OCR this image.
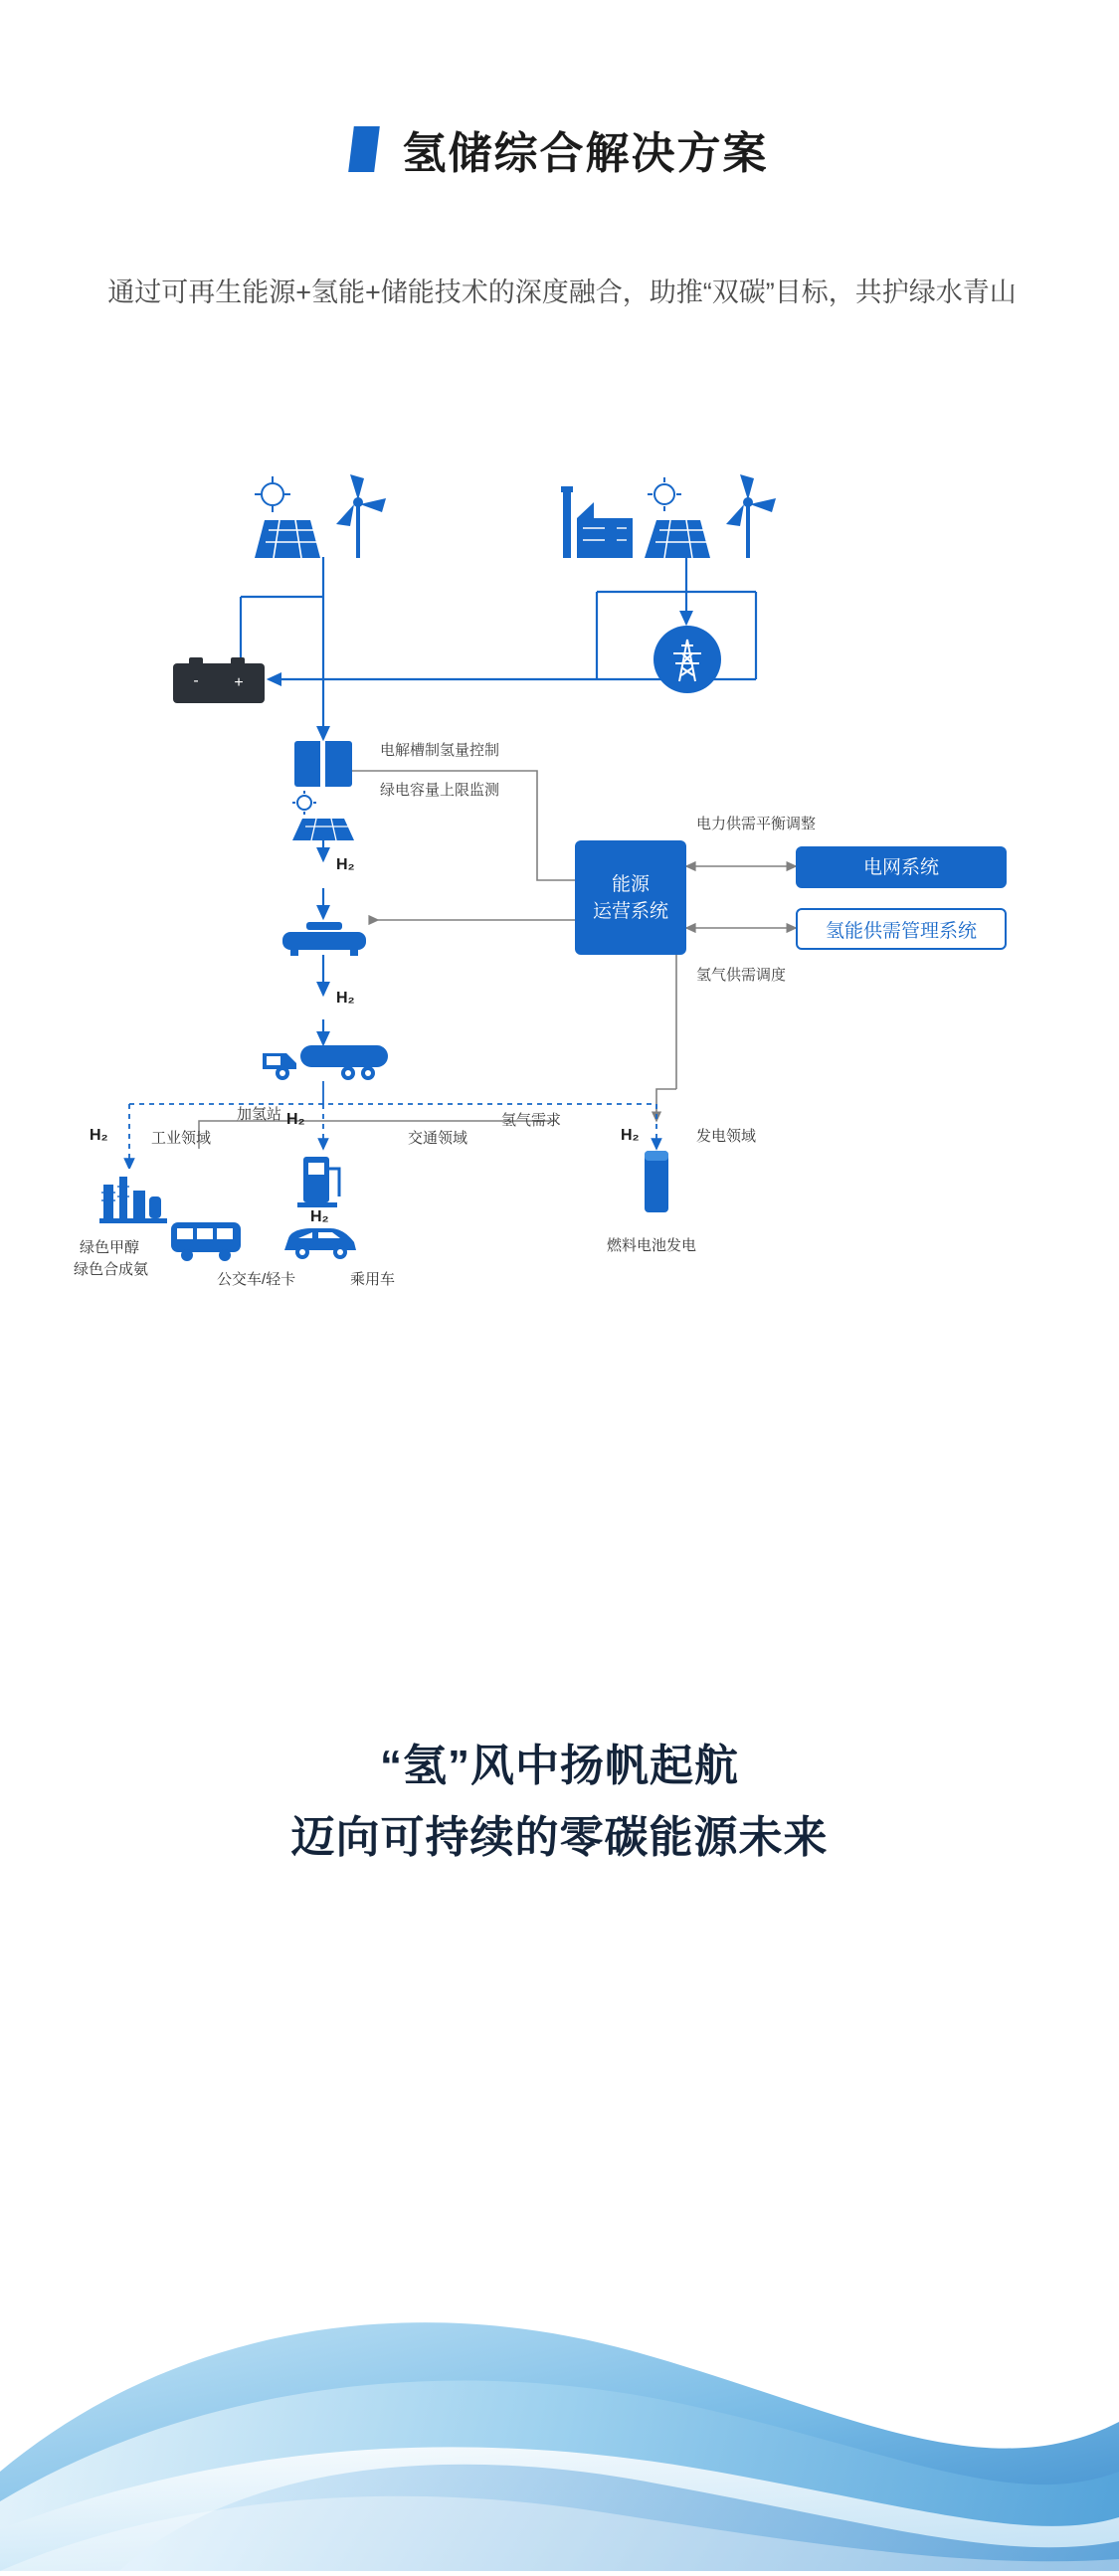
氢储综合解决方案
通过可再生能源+氢能+储能技术的深度融合，助推“双碳”目标，共护绿水青山
- +
能源
运营系统
电网系统
氢能供需管理系统
电解槽制氢量控制
绿电容量上限监测
电力供需平衡调整
氢气供需调度
氢气需求
H₂
H₂
H₂
H₂	H₂
H₂
工业领域	交通领域	发电领域
加氢站
绿色甲醇
绿色合成氨
公交车/轻卡	乘用车
燃料电池发电
“氢”风中扬帆起航
迈向可持续的零碳能源未来
